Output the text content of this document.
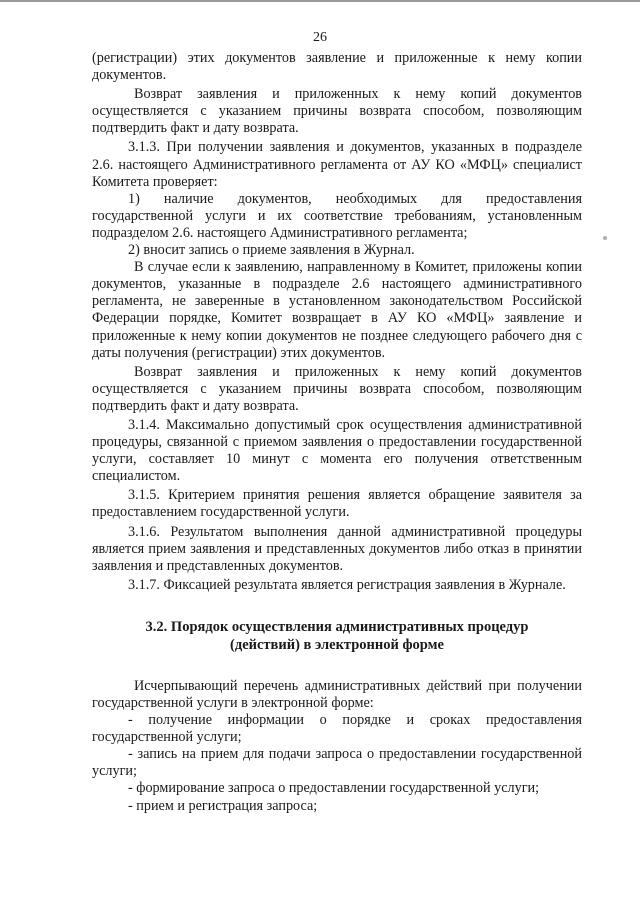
26

(регистрации) этих документов заявление и приложенные к нему копии документов.

Возврат заявления и приложенных к нему копий документов осуществляется с указанием причины возврата способом, позволяющим подтвердить факт и дату возврата.

3.1.3. При получении заявления и документов, указанных в подразделе 2.6. настоящего Административного регламента от АУ КО «МФЦ» специалист Комитета проверяет:

1) наличие документов, необходимых для предоставления государственной услуги и их соответствие требованиям, установленным подразделом 2.6. настоящего Административного регламента;

2) вносит запись о приеме заявления в Журнал.

В случае если к заявлению, направленному в Комитет, приложены копии документов, указанные в подразделе 2.6 настоящего административного регламента, не заверенные в установленном законодательством Российской Федерации порядке, Комитет возвращает в АУ КО «МФЦ» заявление и приложенные к нему копии документов не позднее следующего рабочего дня с даты получения (регистрации) этих документов.

Возврат заявления и приложенных к нему копий документов осуществляется с указанием причины возврата способом, позволяющим подтвердить факт и дату возврата.

3.1.4. Максимально допустимый срок осуществления административной процедуры, связанной с приемом заявления о предоставлении государственной услуги, составляет 10 минут с момента его получения ответственным специалистом.

3.1.5. Критерием принятия решения является обращение заявителя за предоставлением государственной услуги.

3.1.6. Результатом выполнения данной административной процедуры является прием заявления и представленных документов либо отказ в принятии заявления и представленных документов.

3.1.7. Фиксацией результата является регистрация заявления в Журнале.

3.2. Порядок осуществления административных процедур
(действий) в электронной форме

Исчерпывающий перечень административных действий при получении государственной услуги в электронной форме:

- получение информации о порядке и сроках предоставления государственной услуги;

- запись на прием для подачи запроса о предоставлении государственной услуги;

- формирование запроса о предоставлении государственной услуги;

- прием и регистрация запроса;
